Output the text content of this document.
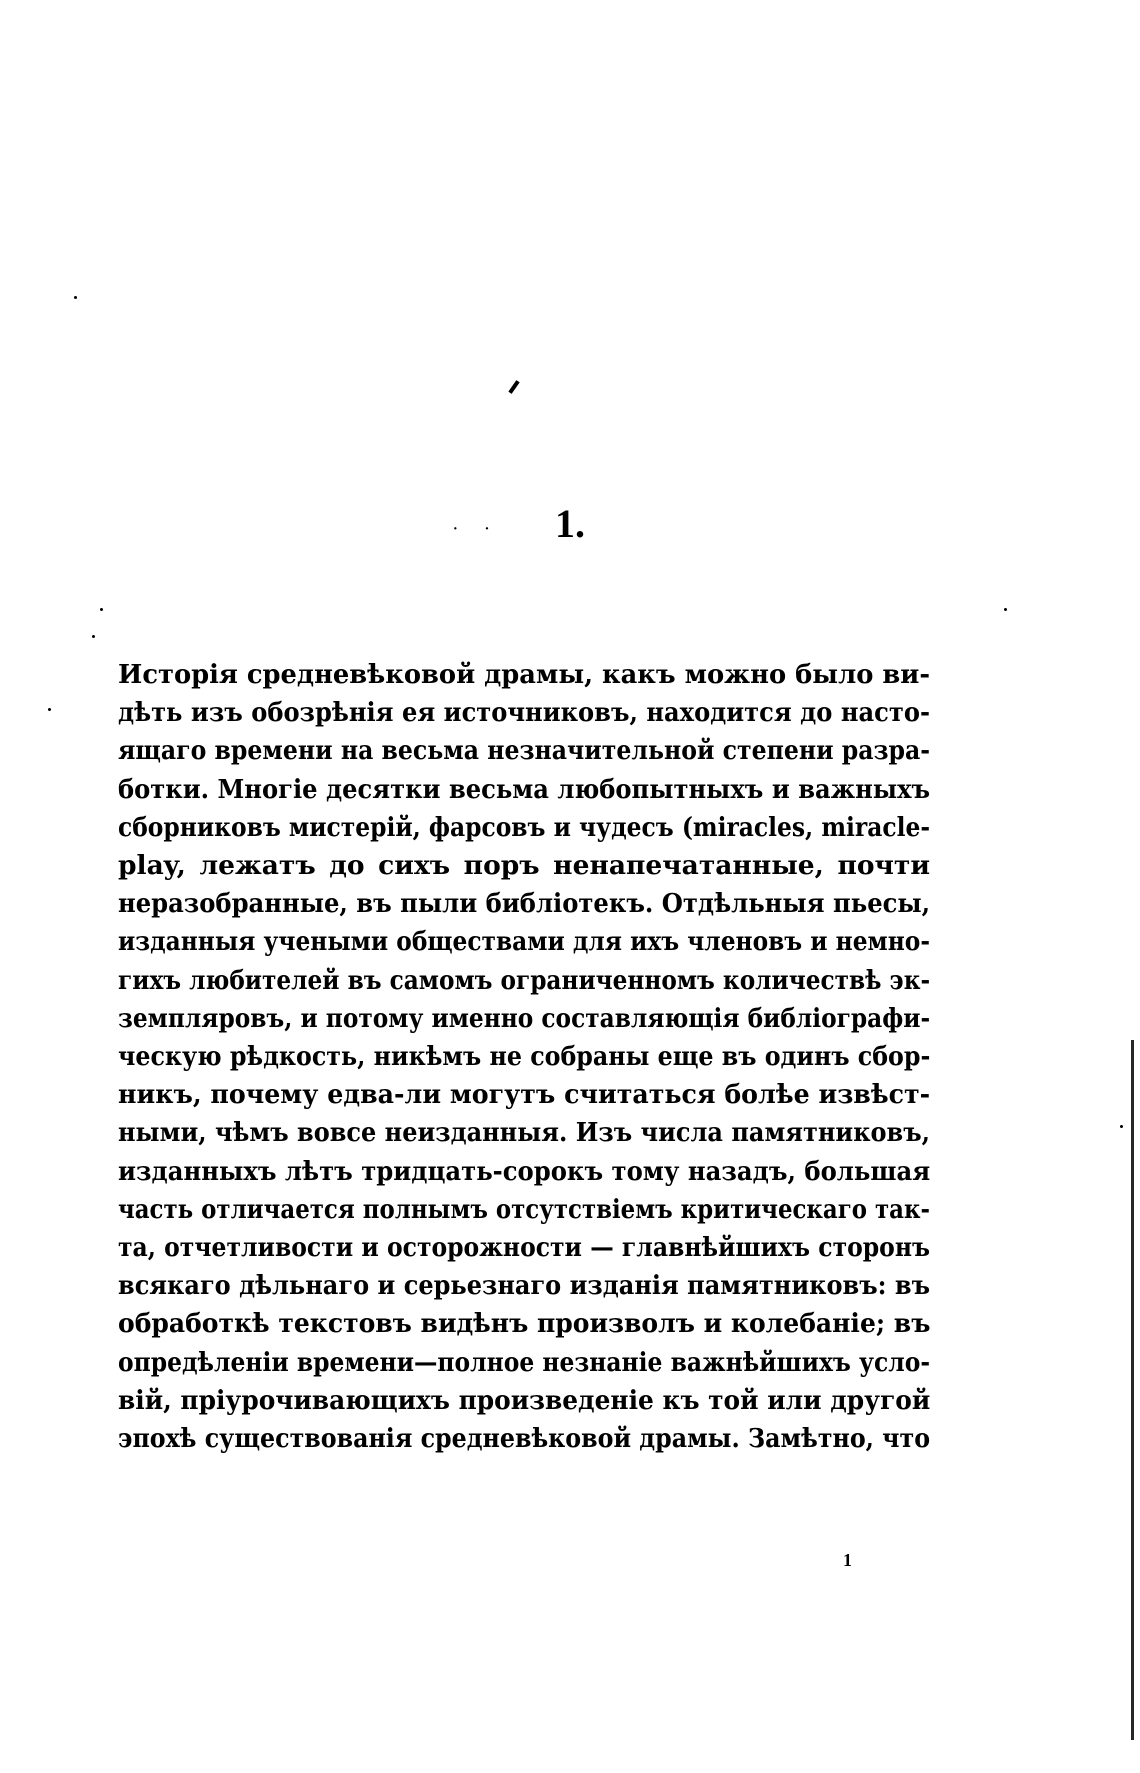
· ·	1.
Исторія средневѣковой драмы, какъ можно было ви-
дѣть изъ обозрѣнія ея источниковъ, находится до насто-
ящаго времени на весьма незначительной степени разра-
ботки. Многіе десятки весьма любопытныхъ и важныхъ
сборниковъ мистерій, фарсовъ и чудесъ (miracles, miracle-
play, лежатъ до сихъ поръ ненапечатанные, почти
неразобранные, въ пыли библіотекъ. Отдѣльныя пьесы,
изданныя учеными обществами для ихъ членовъ и немно-
гихъ любителей въ самомъ ограниченномъ количествѣ эк-
земпляровъ, и потому именно составляющія библіографи-
ческую рѣдкость, никѣмъ не собраны еще въ одинъ сбор-
никъ, почему едва-ли могутъ считаться болѣе извѣст-
ными, чѣмъ вовсе неизданныя. Изъ числа памятниковъ,
изданныхъ лѣтъ тридцать-сорокъ тому назадъ, большая
часть отличается полнымъ отсутствіемъ критическаго так-
та, отчетливости и осторожности — главнѣйшихъ сторонъ
всякаго дѣльнаго и серьезнаго изданія памятниковъ: въ
обработкѣ текстовъ видѣнъ произволъ и колебаніе; въ
опредѣленіи времени—полное незнаніе важнѣйшихъ усло-
вій, пріурочивающихъ произведеніе къ той или другой
эпохѣ существованія средневѣковой драмы. Замѣтно, что
1
